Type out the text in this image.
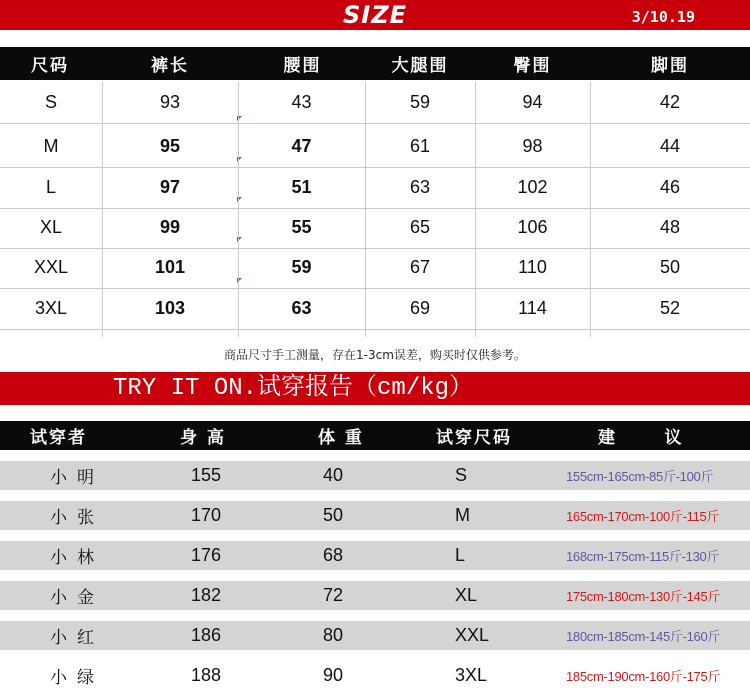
SIZE	3/10.19
尺码	裤长	腰围	大腿围	臀围	脚围
S	93	43	59	94	42
M	95	47	61	98	44
L	97	51	63	102	46
XL	99	55	65	106	48
XXL	101	59	67	110	50
3XL	103	63	69	114	52
商品尺寸手工测量，存在1-3cm误差，购买时仅供参考。
TRY IT ON.试穿报告（cm/kg）
试穿者	身 高	体 重	试穿尺码	建      议
小明	155	40	S	155cm-165cm-85斤-100斤
小张	170	50	M	165cm-170cm-100斤-115斤
小林	176	68	L	168cm-175cm-115斤-130斤
小金	182	72	XL	175cm-180cm-130斤-145斤
小红	186	80	XXL	180cm-185cm-145斤-160斤
小绿	188	90	3XL	185cm-190cm-160斤-175斤
